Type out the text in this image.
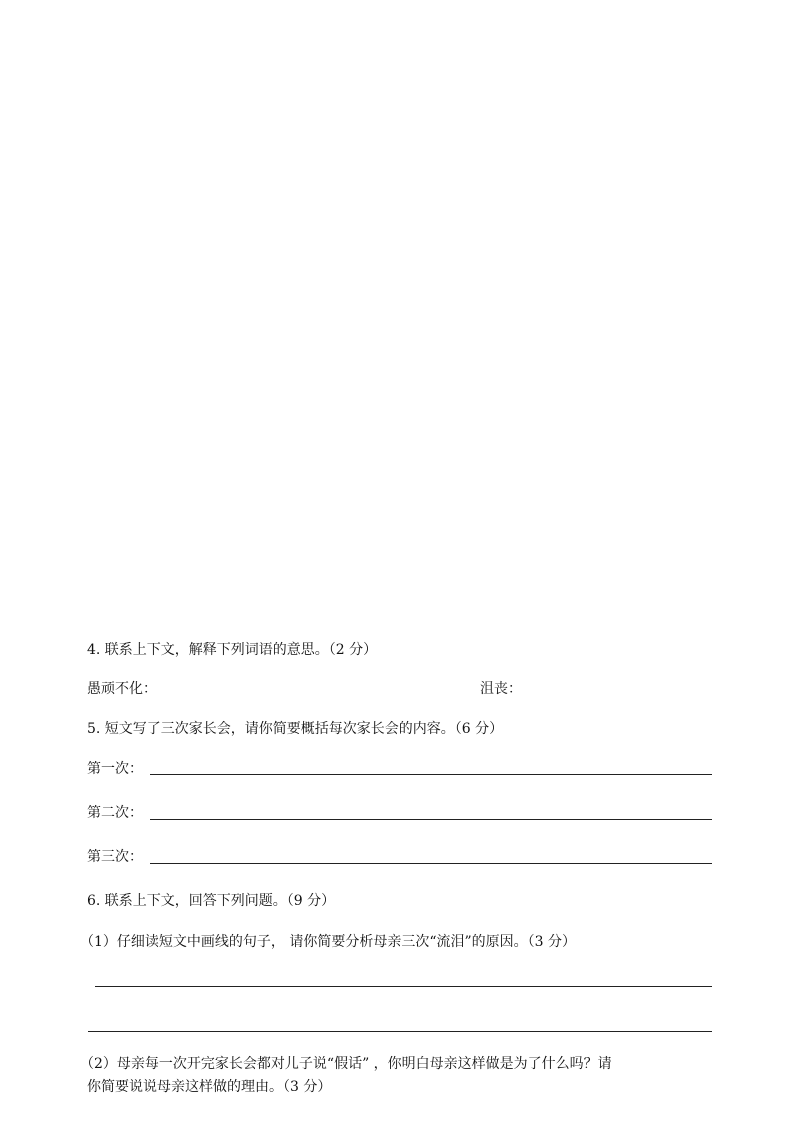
4. 联系上下文，解释下列词语的意思。（2 分）
愚顽不化：	沮丧：
5. 短文写了三次家长会，请你简要概括每次家长会的内容。（6 分）
第一次：
第二次：
第三次：
6. 联系上下文，回答下列问题。（9 分）
（1）仔细读短文中画线的句子， 请你简要分析母亲三次“流泪”的原因。（3 分）
（2）母亲每一次开完家长会都对儿子说“假话” ，你明白母亲这样做是为了什么吗？请
你简要说说母亲这样做的理由。（3 分）
